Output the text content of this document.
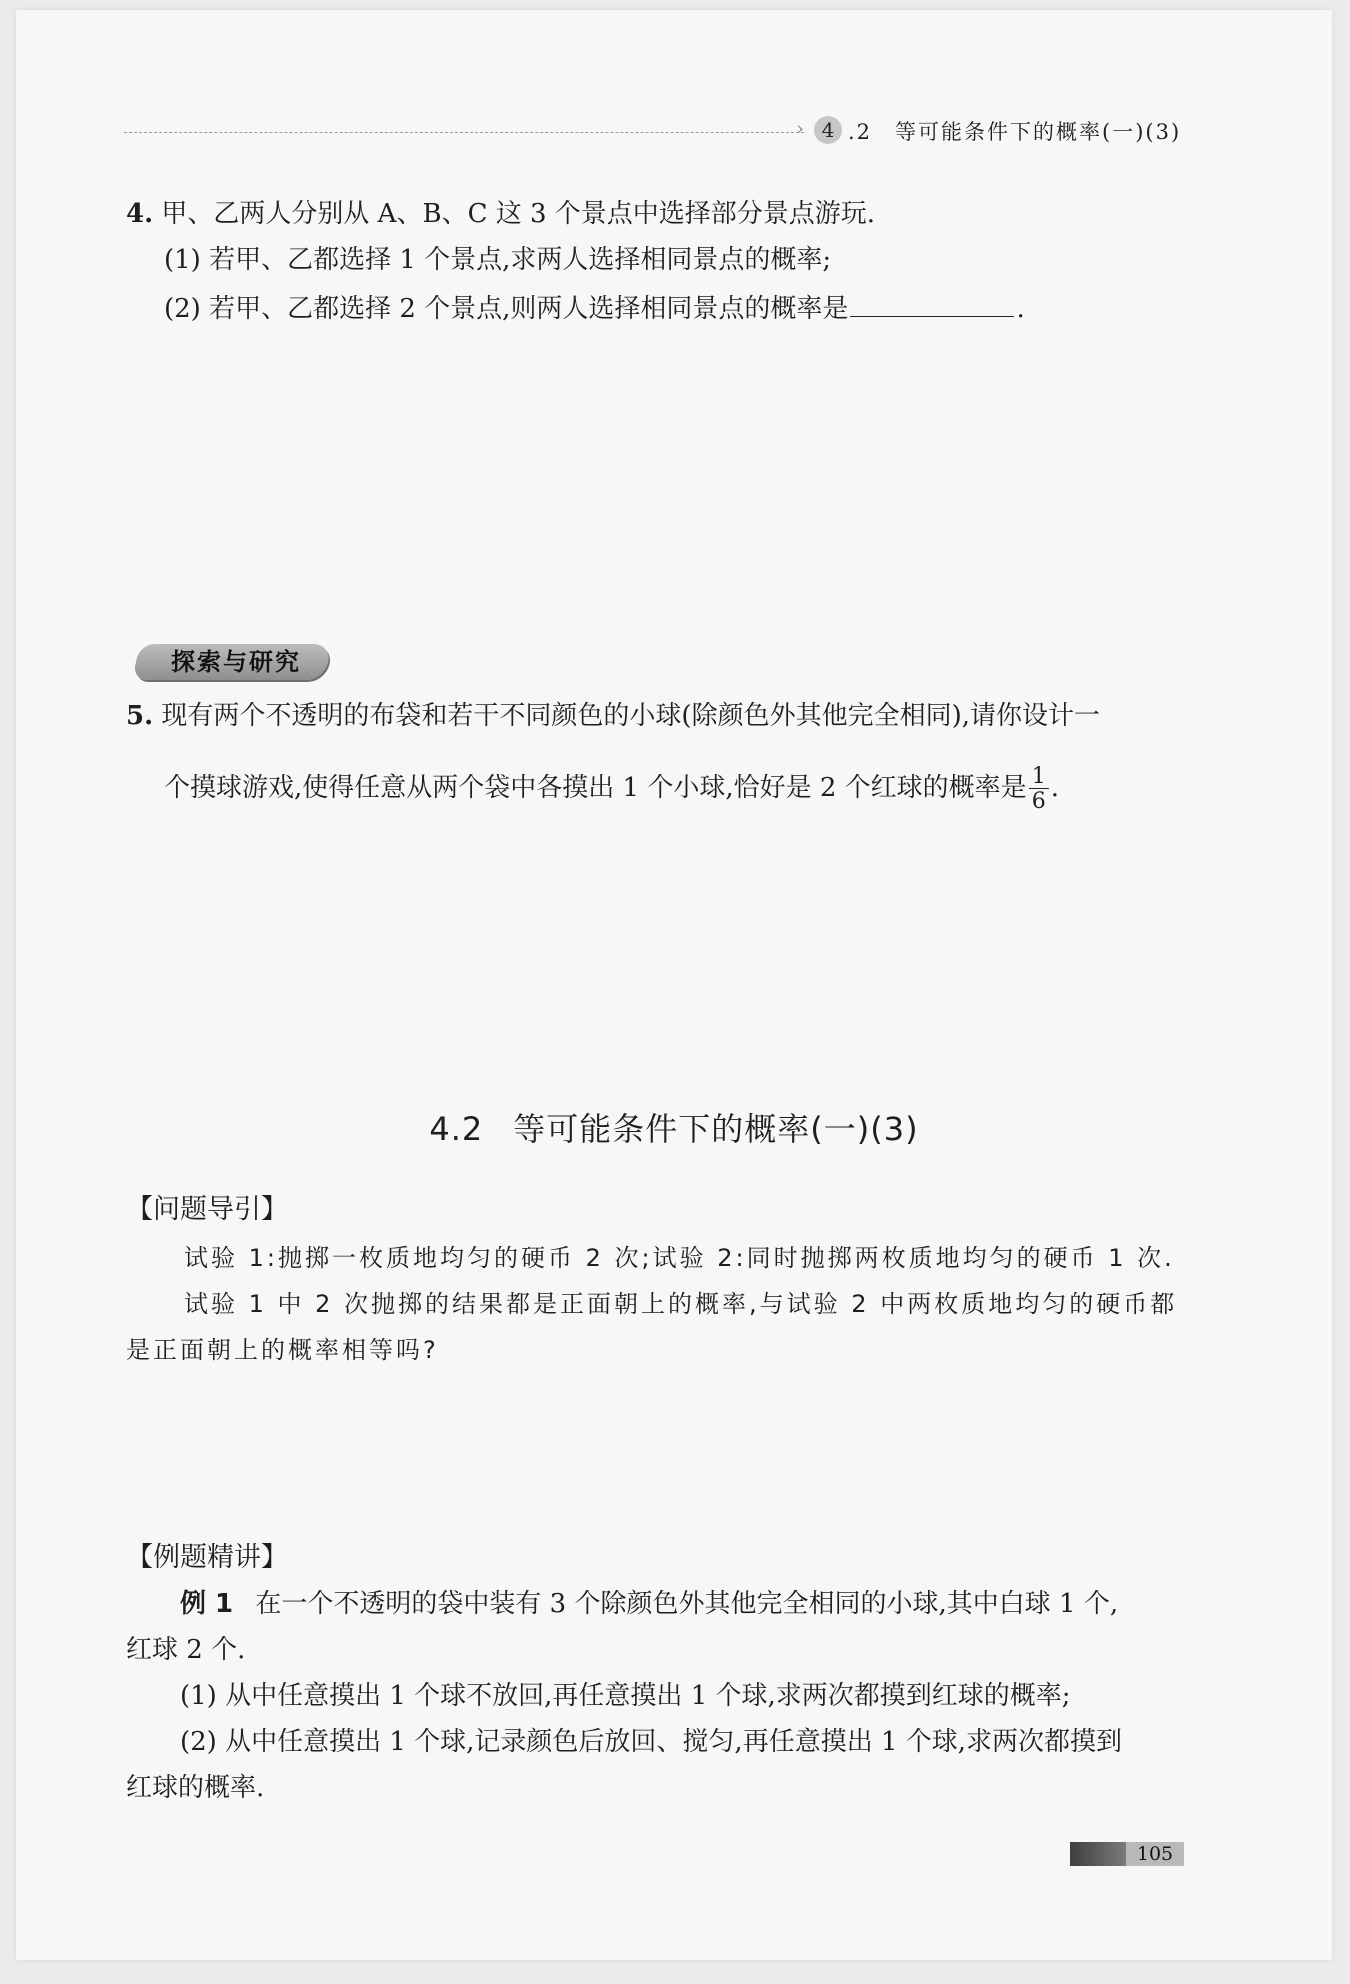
› 4 .2　等可能条件下的概率(一)(3)
4. 甲、乙两人分别从 A、B、C 这 3 个景点中选择部分景点游玩.
(1) 若甲、乙都选择 1 个景点,求两人选择相同景点的概率;
(2) 若甲、乙都选择 2 个景点,则两人选择相同景点的概率是	.
探索与研究
5. 现有两个不透明的布袋和若干不同颜色的小球(除颜色外其他完全相同),请你设计一
个摸球游戏,使得任意从两个袋中各摸出 1 个小球,恰好是 2 个红球的概率是 $\frac{1}{6}$ .
4.2 等可能条件下的概率(一)(3)
【问题导引】
试验 1:抛掷一枚质地均匀的硬币 2 次;试验 2:同时抛掷两枚质地均匀的硬币 1 次.
试验 1 中 2 次抛掷的结果都是正面朝上的概率,与试验 2 中两枚质地均匀的硬币都
是正面朝上的概率相等吗?
【例题精讲】
例 1 在一个不透明的袋中装有 3 个除颜色外其他完全相同的小球,其中白球 1 个,
红球 2 个.
(1) 从中任意摸出 1 个球不放回,再任意摸出 1 个球,求两次都摸到红球的概率;
(2) 从中任意摸出 1 个球,记录颜色后放回、搅匀,再任意摸出 1 个球,求两次都摸到
红球的概率.
105
